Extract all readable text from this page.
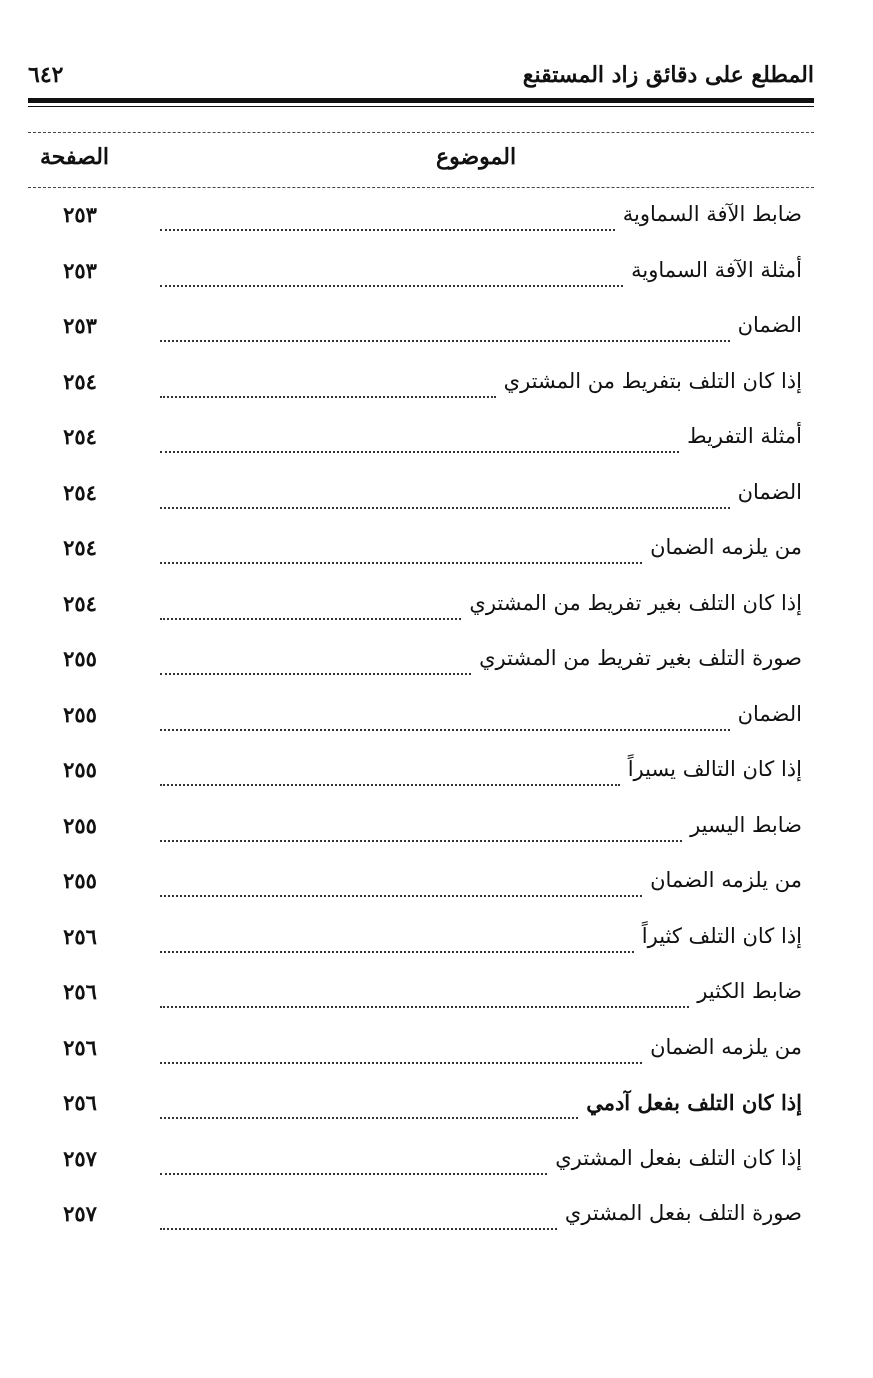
المطلع على دقائق زاد المستقنع
٦٤٢
الموضوع
الصفحة
٢٥٣	ضابط الآفة السماوية
٢٥٣	أمثلة الآفة السماوية
٢٥٣	الضمان
٢٥٤	إذا كان التلف بتفريط من المشتري
٢٥٤	أمثلة التفريط
٢٥٤	الضمان
٢٥٤	من يلزمه الضمان
٢٥٤	إذا كان التلف بغير تفريط من المشتري
٢٥٥	صورة التلف بغير تفريط من المشتري
٢٥٥	الضمان
٢٥٥	إذا كان التالف يسيراً
٢٥٥	ضابط اليسير
٢٥٥	من يلزمه الضمان
٢٥٦	إذا كان التلف كثيراً
٢٥٦	ضابط الكثير
٢٥٦	من يلزمه الضمان
٢٥٦	إذا كان التلف بفعل آدمي
٢٥٧	إذا كان التلف بفعل المشتري
٢٥٧	صورة التلف بفعل المشتري
